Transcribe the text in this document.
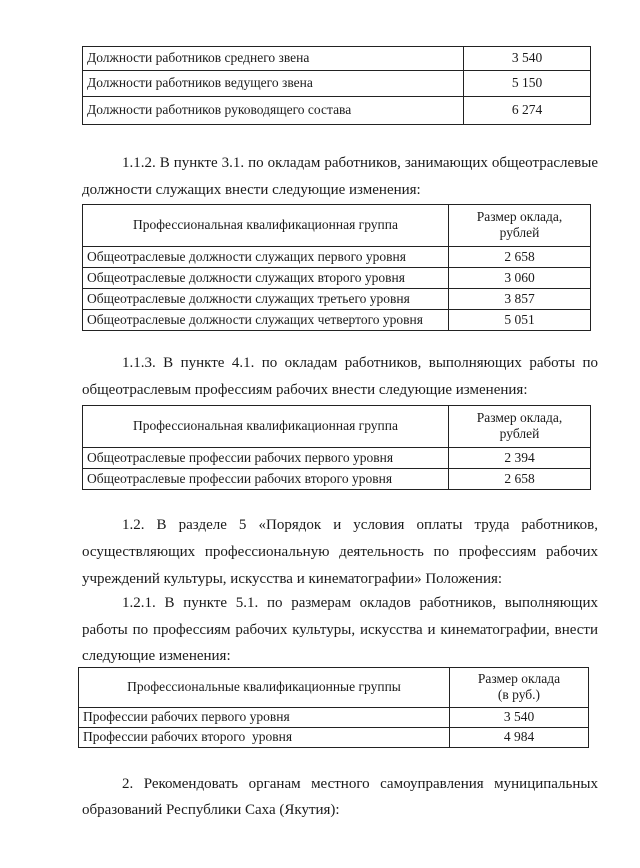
Должности работников среднего звена	3 540
Должности работников ведущего звена	5 150
Должности работников руководящего состава	6 274

1.1.2. В пункте 3.1. по окладам работников, занимающих общеотраслевые

должности служащих внести следующие изменения:

Профессиональная квалификационная группа	Размер оклада,
рублей
Общеотраслевые должности служащих первого уровня	2 658
Общеотраслевые должности служащих второго уровня	3 060
Общеотраслевые должности служащих третьего уровня	3 857
Общеотраслевые должности служащих четвертого уровня	5 051

1.1.3. В пункте 4.1. по окладам работников, выполняющих работы по

общеотраслевым профессиям рабочих внести следующие изменения:

Профессиональная квалификационная группа	Размер оклада,
рублей
Общеотраслевые профессии рабочих первого уровня	2 394
Общеотраслевые профессии рабочих второго уровня	2 658

1.2. В разделе 5 «Порядок и условия оплаты труда работников,

осуществляющих профессиональную деятельность по профессиям рабочих

учреждений культуры, искусства и кинематографии» Положения:

1.2.1. В пункте 5.1. по размерам окладов работников, выполняющих

работы по профессиям рабочих культуры, искусства и кинематографии, внести

следующие изменения:

Профессиональные квалификационные группы	Размер оклада
(в руб.)
Профессии рабочих первого уровня	3 540
Профессии рабочих второго  уровня	4 984

2. Рекомендовать органам местного самоуправления муниципальных

образований Республики Саха (Якутия):
